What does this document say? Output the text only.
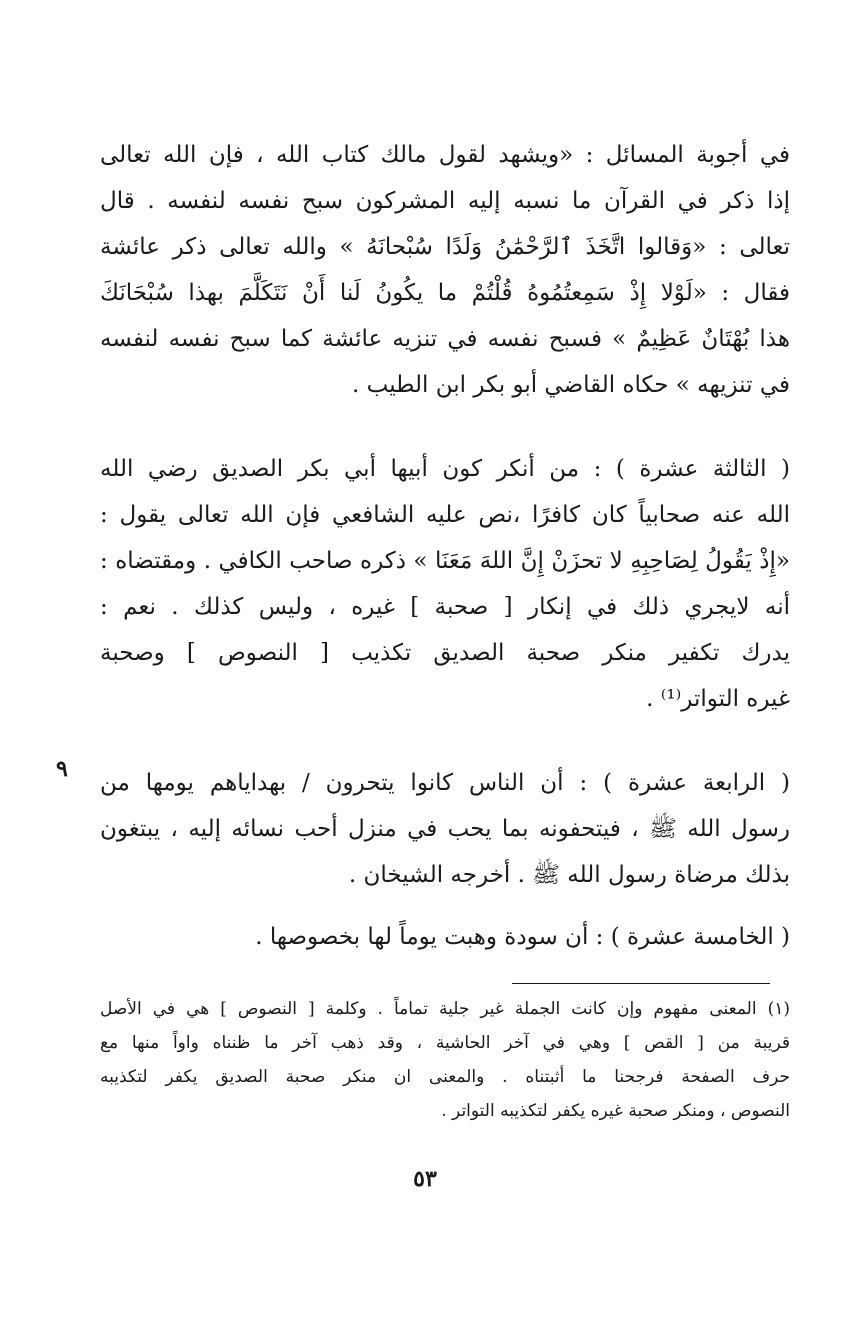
٩
في أجوبة المسائل : «ويشهد لقول مالك كتاب الله ، فإن الله تعالى
إذا ذكر في القرآن ما نسبه إليه المشركون سبح نفسه لنفسه . قال
تعالى : «وَقالوا اتَّخَذَ ٱلرَّحْمَٰنُ وَلَدًا سُبْحانَهُ » والله تعالى ذكر عائشة
فقال : «لَوْلا إِذْ سَمِعتُمُوهُ قُلْتُمْ ما يكُونُ لَنا أَنْ نَتَكَلَّمَ بهذا سُبْحَانَكَ
هذا بُهْتَانٌ عَظِيمٌ » فسبح نفسه في تنزيه عائشة كما سبح نفسه لنفسه
في تنزيهه » حكاه القاضي أبو بكر ابن الطيب .
( الثالثة عشرة ) : من أنكر كون أبيها أبي بكر الصديق رضي الله
الله عنه صحابياً كان كافرًا ،نص عليه الشافعي فإن الله تعالى يقول :
«إِذْ يَقُولُ لِصَاحِبِهِ لا تحزَنْ إِنَّ اللهَ مَعَنَا » ذكره صاحب الكافي . ومقتضاه :
أنه لايجري ذلك في إنكار [ صحبة ] غيره ، وليس كذلك . نعم :
يدرك تكفير منكر صحبة الصديق تكذيب [ النصوص ] وصحبة
غيره التواتر⁽¹⁾ .
( الرابعة عشرة ) : أن الناس كانوا يتحرون / بهداياهم يومها من
رسول الله ﷺ ، فيتحفونه بما يحب في منزل أحب نسائه إليه ، يبتغون
بذلك مرضاة رسول الله ﷺ . أخرجه الشيخان .
( الخامسة عشرة ) : أن سودة وهبت يوماً لها بخصوصها .
(١) المعنى مفهوم وإن كانت الجملة غير جلية تماماً . وكلمة [ النصوص ] هي في الأصل
قريبة من [ القص ] وهي في آخر الحاشية ، وقد ذهب آخر ما ظنناه واواً منها مع
حرف الصفحة فرجحنا ما أثبتناه . والمعنى ان منكر صحبة الصديق يكفر لتكذيبه
النصوص ، ومنكر صحبة غيره يكفر لتكذيبه التواتر .
٥٣
